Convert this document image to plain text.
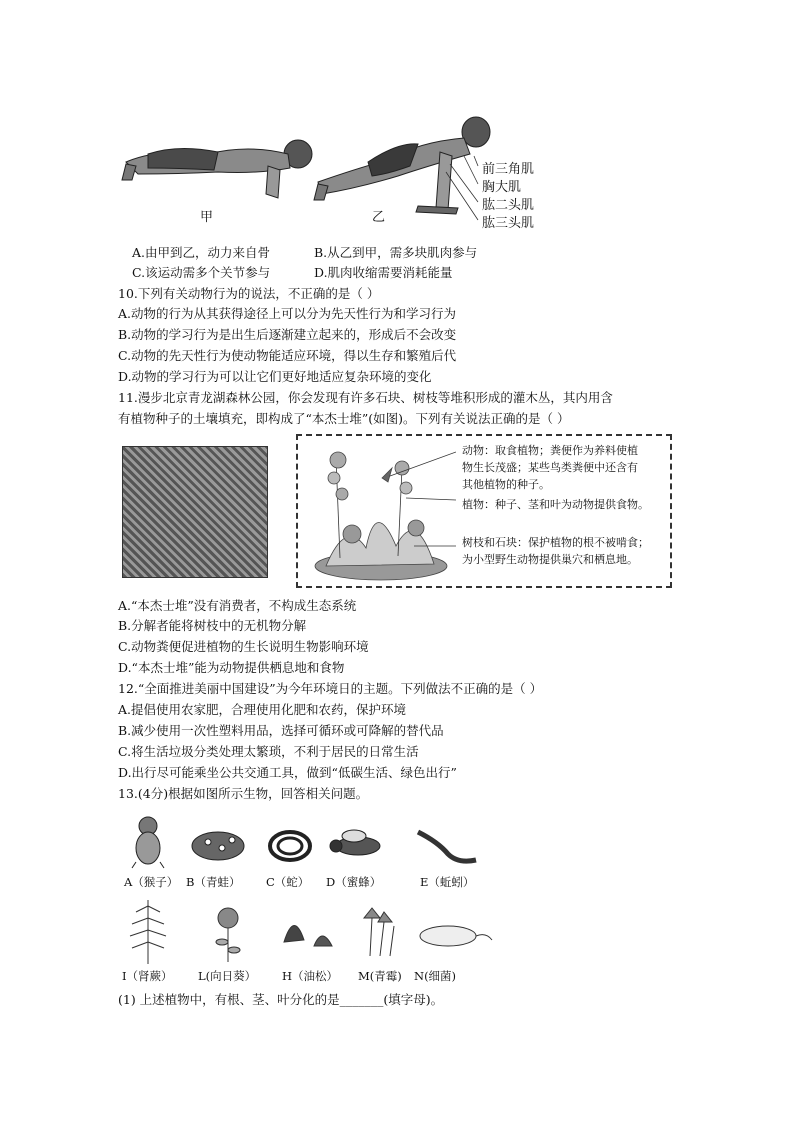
甲	乙
前三角肌
胸大肌
肱二头肌
肱三头肌
A.由甲到乙，动力来自骨	B.从乙到甲，需多块肌肉参与
C.该运动需多个关节参与	D.肌肉收缩需要消耗能量
10.下列有关动物行为的说法，不正确的是（ ）
A.动物的行为从其获得途径上可以分为先天性行为和学习行为
B.动物的学习行为是出生后逐渐建立起来的，形成后不会改变
C.动物的先天性行为使动物能适应环境，得以生存和繁殖后代
D.动物的学习行为可以让它们更好地适应复杂环境的变化
11.漫步北京青龙湖森林公园，你会发现有许多石块、树枝等堆积形成的灌木丛，其内用含
有植物种子的土壤填充，即构成了“本杰士堆”(如图)。下列有关说法正确的是（ ）
动物：取食植物；粪便作为养料使植
物生长茂盛；某些鸟类粪便中还含有
其他植物的种子。
植物：种子、茎和叶为动物提供食物。
树枝和石块：保护植物的根不被啃食；
为小型野生动物提供巢穴和栖息地。
A.“本杰士堆”没有消费者，不构成生态系统
B.分解者能将树枝中的无机物分解
C.动物粪便促进植物的生长说明生物影响环境
D.“本杰士堆”能为动物提供栖息地和食物
12.“全面推进美丽中国建设”为今年环境日的主题。下列做法不正确的是（ ）
A.提倡使用农家肥，合理使用化肥和农药，保护环境
B.减少使用一次性塑料用品，选择可循环或可降解的替代品
C.将生活垃圾分类处理太繁琐，不利于居民的日常生活
D.出行尽可能乘坐公共交通工具，做到“低碳生活、绿色出行”
13.(4分)根据如图所示生物，回答相关问题。
A（猴子） B（青蛙） C（蛇） D（蜜蜂）	E（蚯蚓）
I（肾蕨） L(向日葵） H（油松） M(青霉) N(细菌)
(1) 上述植物中，有根、茎、叶分化的是_______(填字母)。
